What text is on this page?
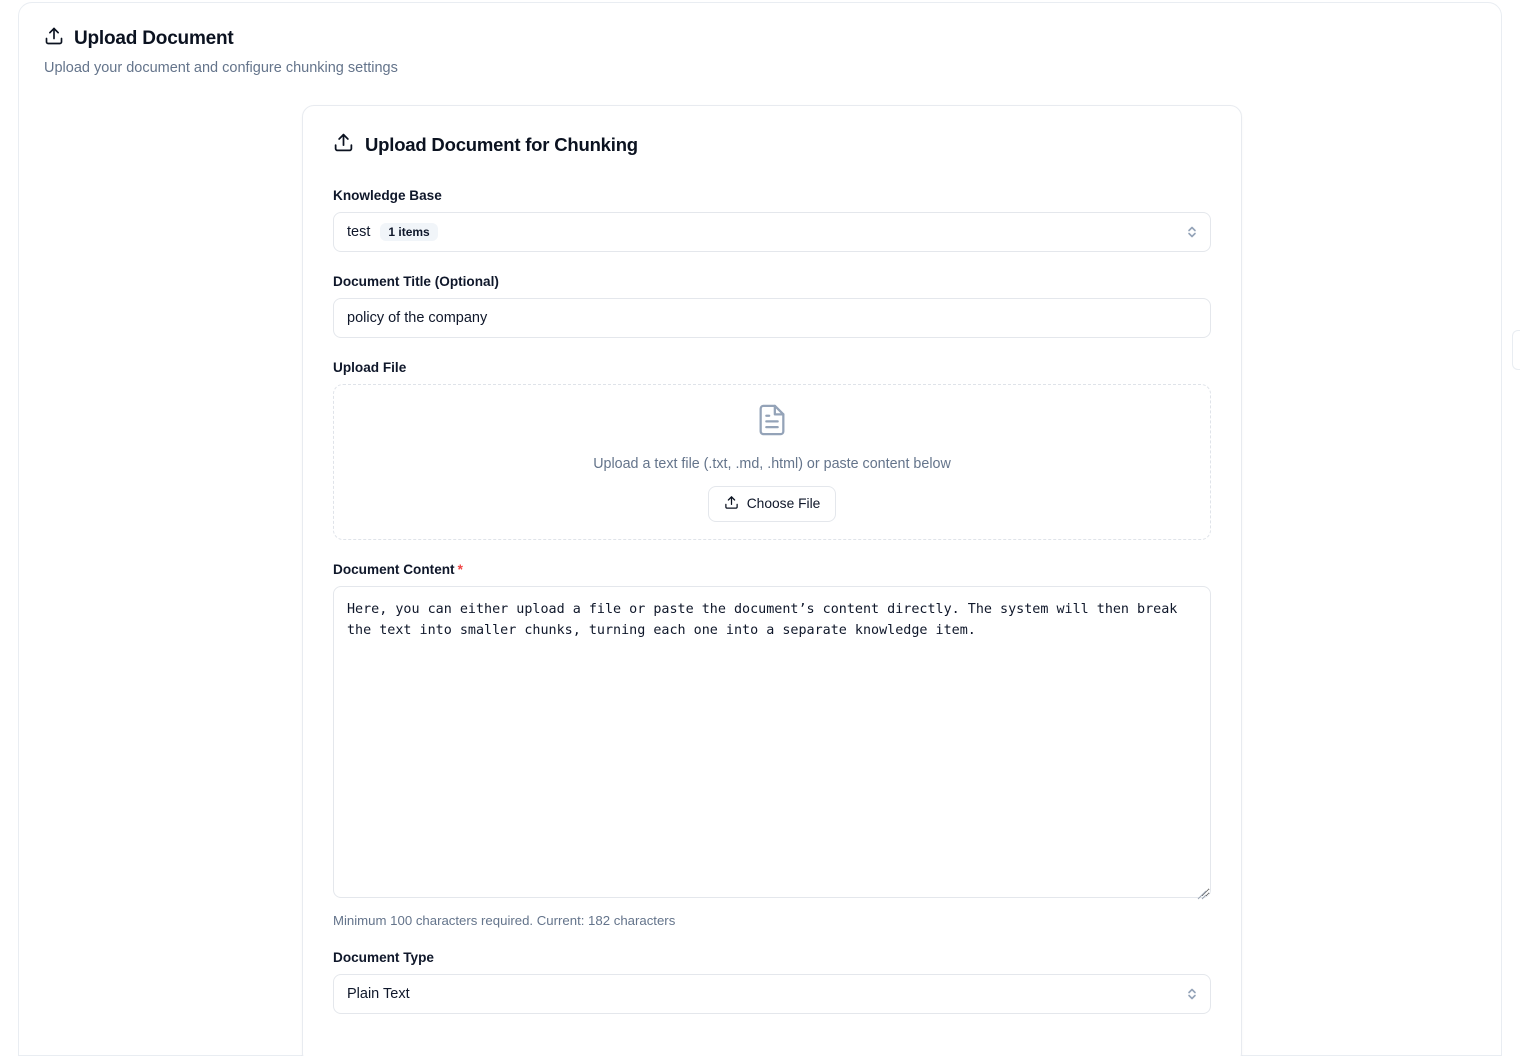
Upload Document
Upload your document and configure chunking settings
Upload Document for Chunking
Knowledge Base
test	1 items
Document Title (Optional)
policy of the company
Upload File
Upload a text file (.txt, .md, .html) or paste content below
Choose File
Document Content *
Here, you can either upload a file or paste the document’s content directly. The system will then break the text into smaller chunks, turning each one into a separate knowledge item.
Minimum 100 characters required. Current: 182 characters
Document Type
Plain Text
